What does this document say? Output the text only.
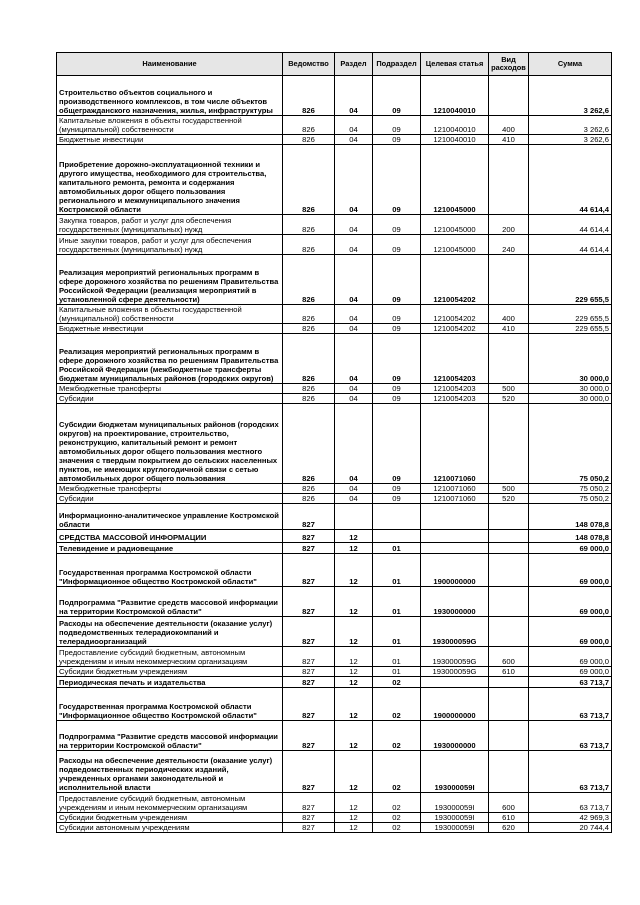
Наименование	Ведомство	Раздел	Подраздел	Целевая статья	Вид расходов	Сумма
Строительство объектов социального и производственного комплексов, в том числе объектов общегражданского назначения, жилья, инфраструктуры	826	04	09	1210040010		3 262,6
Капитальные вложения в объекты государственной (муниципальной) собственности	826	04	09	1210040010	400	3 262,6
Бюджетные инвестиции	826	04	09	1210040010	410	3 262,6
Приобретение дорожно-эксплуатационной техники и другого имущества, необходимого для строительства, капитального ремонта, ремонта и содержания автомобильных дорог общего пользования регионального и межмуниципального значения Костромской области	826	04	09	1210045000		44 614,4
Закупка товаров, работ и услуг для обеспечения государственных (муниципальных) нужд	826	04	09	1210045000	200	44 614,4
Иные закупки товаров, работ и услуг для обеспечения государственных (муниципальных) нужд	826	04	09	1210045000	240	44 614,4
Реализация мероприятий региональных программ в сфере дорожного хозяйства по решениям Правительства Российской Федерации (реализация мероприятий в установленной сфере деятельности)	826	04	09	1210054202		229 655,5
Капитальные вложения в объекты государственной (муниципальной) собственности	826	04	09	1210054202	400	229 655,5
Бюджетные инвестиции	826	04	09	1210054202	410	229 655,5
Реализация мероприятий региональных программ в сфере дорожного хозяйства по решениям Правительства Российской Федерации (межбюджетные трансферты бюджетам муниципальных районов (городских округов)	826	04	09	1210054203		30 000,0
Межбюджетные трансферты	826	04	09	1210054203	500	30 000,0
Субсидии	826	04	09	1210054203	520	30 000,0
Субсидии бюджетам муниципальных районов (городских округов) на проектирование, строительство, реконструкцию, капитальный ремонт и ремонт автомобильных дорог общего пользования местного значения с твердым покрытием до сельских населенных пунктов, не имеющих круглогодичной связи с сетью автомобильных дорог общего пользования	826	04	09	1210071060		75 050,2
Межбюджетные трансферты	826	04	09	1210071060	500	75 050,2
Субсидии	826	04	09	1210071060	520	75 050,2
Информационно-аналитическое управление Костромской области	827					148 078,8
СРЕДСТВА МАССОВОЙ ИНФОРМАЦИИ	827	12				148 078,8
Телевидение и радиовещание	827	12	01			69 000,0
Государственная программа Костромской области "Информационное общество Костромской области"	827	12	01	1900000000		69 000,0
Подпрограмма "Развитие средств массовой информации на территории Костромской области"	827	12	01	1930000000		69 000,0
Расходы на обеспечение деятельности (оказание услуг) подведомственных телерадиокомпаний и телерадиоорганизаций	827	12	01	193000059G		69 000,0
Предоставление субсидий бюджетным, автономным учреждениям и иным некоммерческим организациям	827	12	01	193000059G	600	69 000,0
Субсидии бюджетным учреждениям	827	12	01	193000059G	610	69 000,0
Периодическая печать и издательства	827	12	02			63 713,7
Государственная программа Костромской области "Информационное общество Костромской области"	827	12	02	1900000000		63 713,7
Подпрограмма "Развитие средств массовой информации на территории Костромской области"	827	12	02	1930000000		63 713,7
Расходы на обеспечение деятельности (оказание услуг) подведомственных периодических изданий, учрежденных органами законодательной и исполнительной власти	827	12	02	193000059I		63 713,7
Предоставление субсидий бюджетным, автономным учреждениям и иным некоммерческим организациям	827	12	02	193000059I	600	63 713,7
Субсидии бюджетным учреждениям	827	12	02	193000059I	610	42 969,3
Субсидии автономным учреждениям	827	12	02	193000059I	620	20 744,4
